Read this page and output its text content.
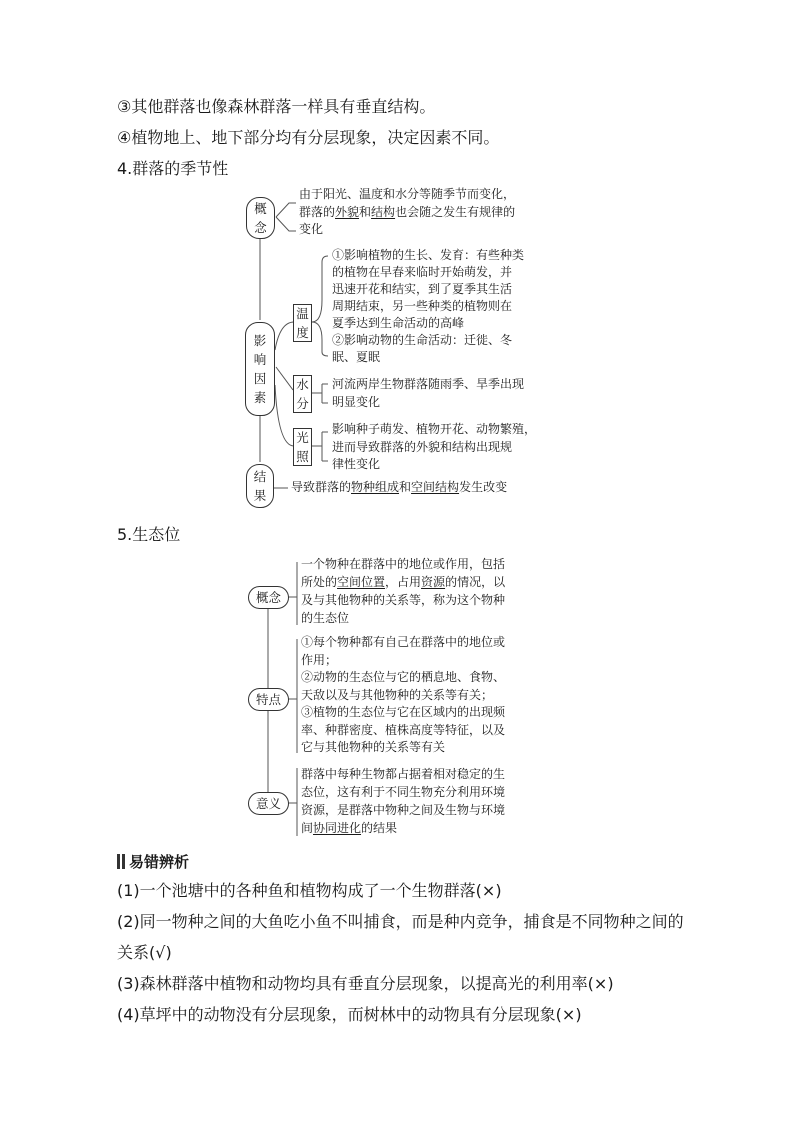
③其他群落也像森林群落一样具有垂直结构。
④植物地上、地下部分均有分层现象，决定因素不同。
4.群落的季节性
概
念
由于阳光、温度和水分等随季节而变化，
群落的外貌和结构也会随之发生有规律的
变化
影
响
因
素
温
度
①影响植物的生长、发育：有些种类
的植物在早春来临时开始萌发，并
迅速开花和结实，到了夏季其生活
周期结束，另一些种类的植物则在
夏季达到生命活动的高峰
②影响动物的生命活动：迁徙、冬
眠、夏眠
水
分
河流两岸生物群落随雨季、旱季出现
明显变化
光
照
影响种子萌发、植物开花、动物繁殖，
进而导致群落的外貌和结构出现规
律性变化
结
果
导致群落的物种组成和空间结构发生改变
5.生态位
概念
一个物种在群落中的地位或作用，包括
所处的空间位置，占用资源的情况，以
及与其他物种的关系等，称为这个物种
的生态位
特点
①每个物种都有自己在群落中的地位或
作用；
②动物的生态位与它的栖息地、食物、
天敌以及与其他物种的关系等有关；
③植物的生态位与它在区域内的出现频
率、种群密度、植株高度等特征，以及
它与其他物种的关系等有关
意义
群落中每种生物都占据着相对稳定的生
态位，这有利于不同生物充分利用环境
资源，是群落中物种之间及生物与环境
间协同进化的结果
易错辨析
(1)一个池塘中的各种鱼和植物构成了一个生物群落(×)
(2)同一物种之间的大鱼吃小鱼不叫捕食，而是种内竞争，捕食是不同物种之间的
关系(√)
(3)森林群落中植物和动物均具有垂直分层现象，以提高光的利用率(×)
(4)草坪中的动物没有分层现象，而树林中的动物具有分层现象(×)
